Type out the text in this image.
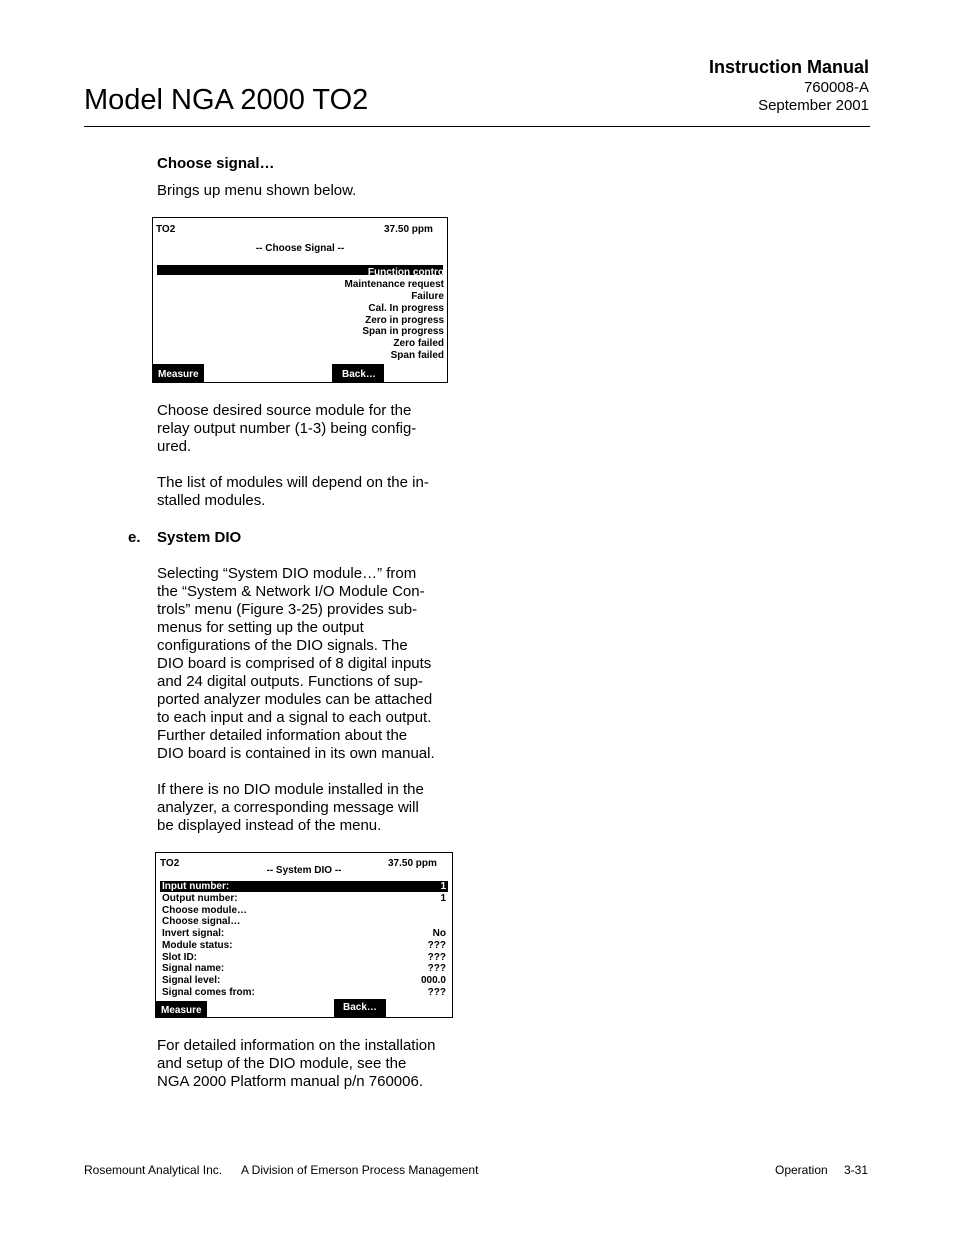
Model NGA 2000 TO2
Instruction Manual
760008-A
September 2001
Choose signal…
Brings up menu shown below.
TO2	37.50 ppm
-- Choose Signal --
Function contro
Maintenance request
Failure
Cal. In progress
Zero in progress
Span in progress
Zero failed
Span failed
Measure	Back…
Choose desired source module for the
relay output number (1-3) being config-
ured.
The list of modules will depend on the in-
stalled modules.
e. System DIO
Selecting “System DIO module…” from
the “System & Network I/O Module Con-
trols” menu (Figure 3-25) provides sub-
menus for setting up the output
configurations of the DIO signals. The
DIO board is comprised of 8 digital inputs
and 24 digital outputs. Functions of sup-
ported analyzer modules can be attached
to each input and a signal to each output.
Further detailed information about the
DIO board is contained in its own manual.
If there is no DIO module installed in the
analyzer, a corresponding message will
be displayed instead of the menu.
TO2	37.50 ppm
-- System DIO --
Input number:	1
Output number:	1
Choose module…
Choose signal…
Invert signal:	No
Module status:	???
Slot ID:	???
Signal name:	???
Signal level:	000.0
Signal comes from:	???
Measure	Back…
For detailed information on the installation
and setup of the DIO module, see the
NGA 2000 Platform manual p/n 760006.
Rosemount Analytical Inc. A Division of Emerson Process Management	Operation 3-31
